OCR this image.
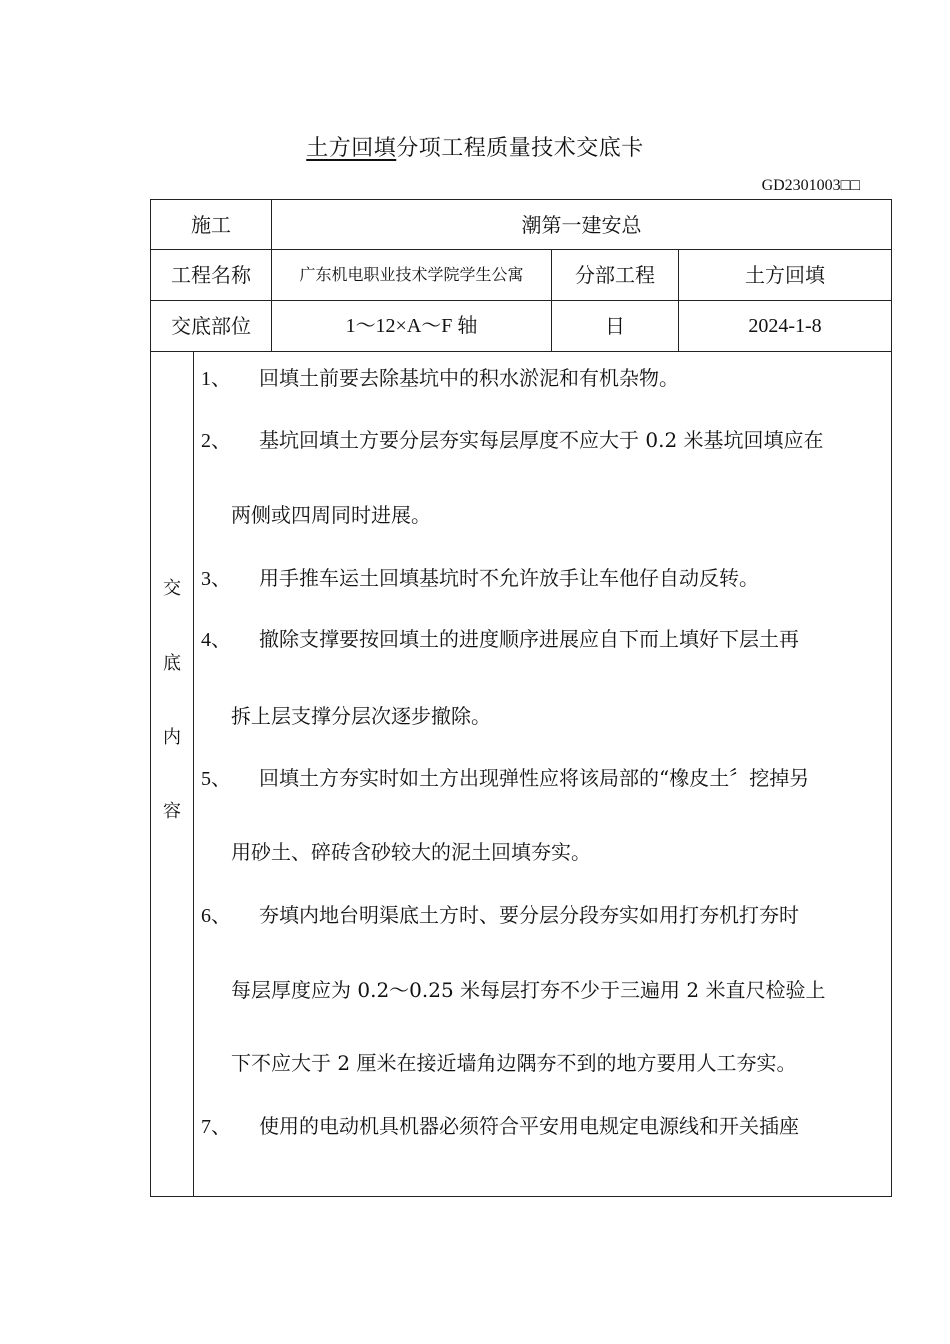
土方回填分项工程质量技术交底卡
GD2301003□□
施工	潮第一建安总
工程名称	广东机电职业技术学院学生公寓	分部工程	土方回填
交底部位	1～12×A～F 轴	日	2024-1-8
交
底
内
容
1、 回填土前要去除基坑中的积水淤泥和有机杂物。
2、 基坑回填土方要分层夯实每层厚度不应大于 0.2 米基坑回填应在
两侧或四周同时进展。
3、 用手推车运土回填基坑时不允许放手让车他仔自动反转。
4、 撤除支撑要按回填土的进度顺序进展应自下而上填好下层土再
拆上层支撑分层次逐步撤除。
5、 回填土方夯实时如土方出现弹性应将该局部的“橡皮土〞挖掉另
用砂土、碎砖含砂较大的泥土回填夯实。
6、 夯填内地台明渠底土方时、要分层分段夯实如用打夯机打夯时
每层厚度应为 0.2～0.25 米每层打夯不少于三遍用 2 米直尺检验上
下不应大于 2 厘米在接近墙角边隅夯不到的地方要用人工夯实。
7、 使用的电动机具机器必须符合平安用电规定电源线和开关插座
